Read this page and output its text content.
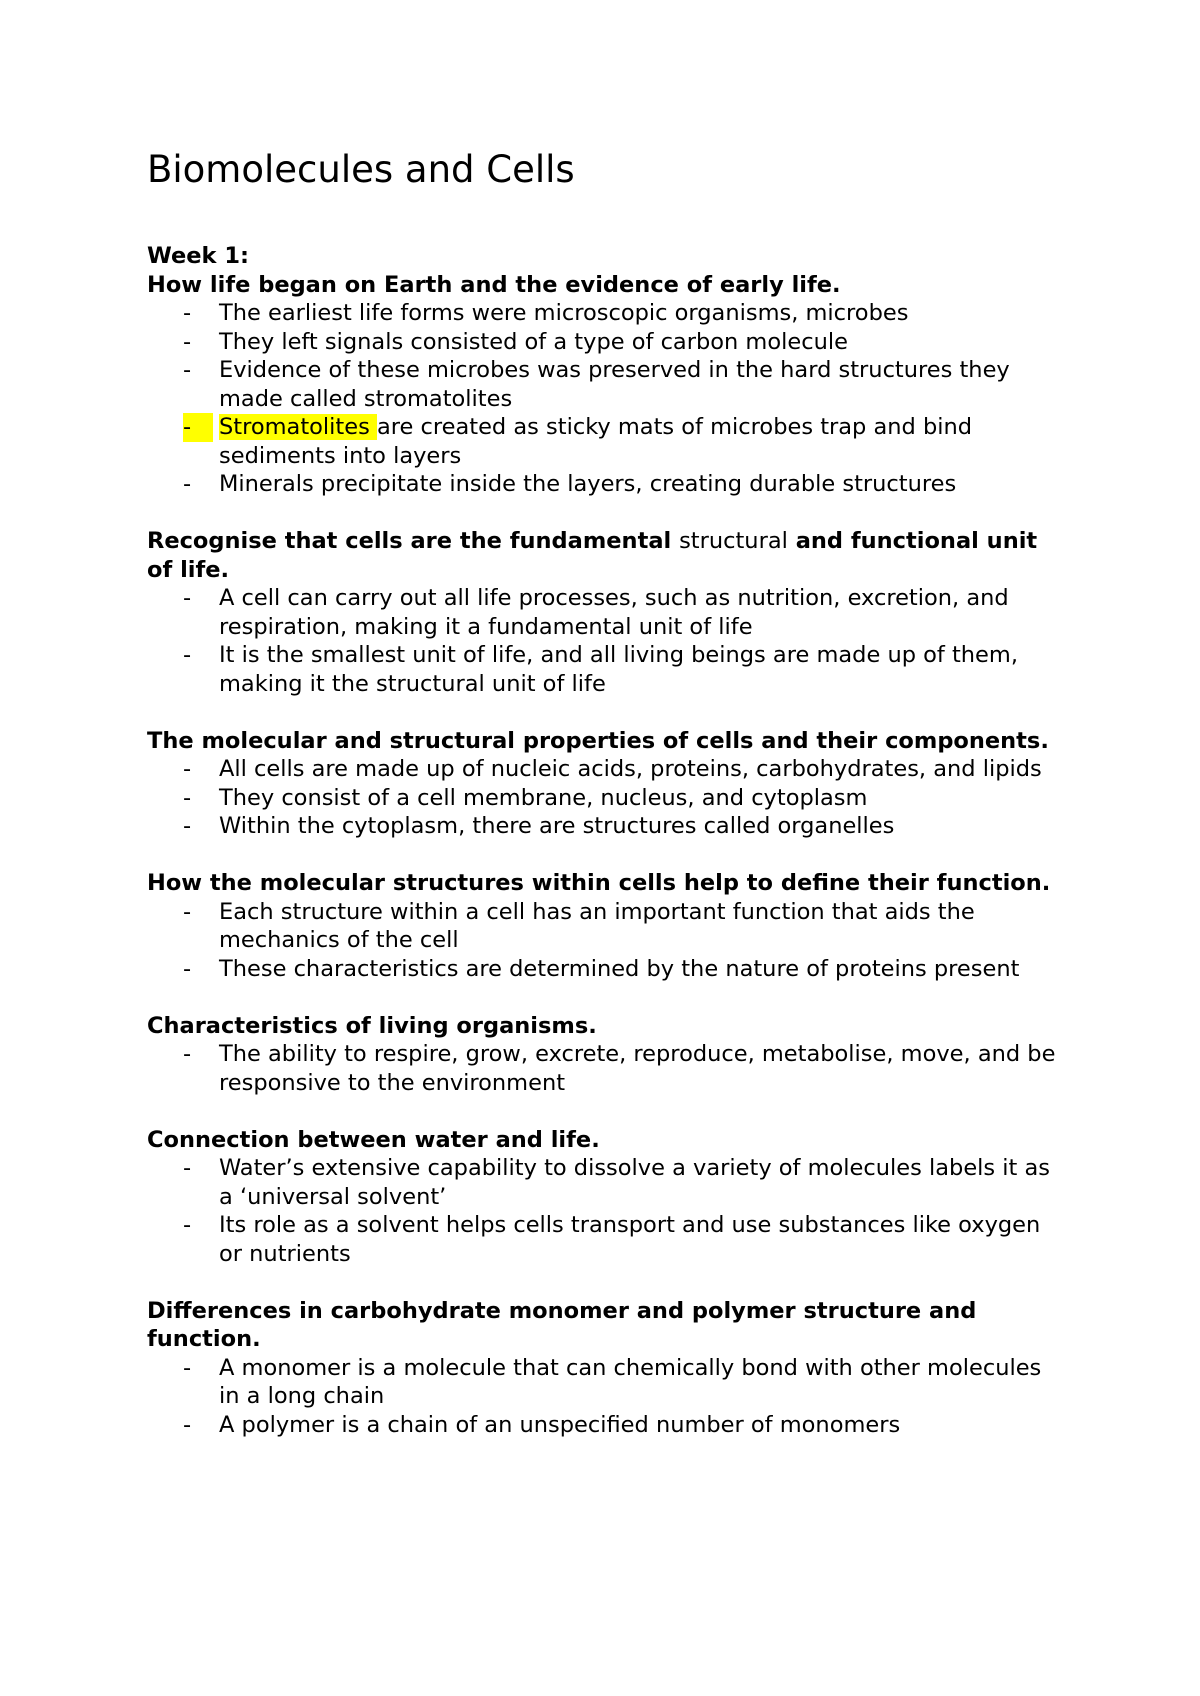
Biomolecules and Cells
Week 1:

How life began on Earth and the evidence of early life.

- The earliest life forms were microscopic organisms, microbes
- They left signals consisted of a type of carbon molecule
- Evidence of these microbes was preserved in the hard structures they made called stromatolites
-	Stromatolites are created as sticky mats of microbes trap and bind sediments into layers
- Minerals precipitate inside the layers, creating durable structures

Recognise that cells are the fundamental structural and functional unit of life.

- A cell can carry out all life processes, such as nutrition, excretion, and respiration, making it a fundamental unit of life
- It is the smallest unit of life, and all living beings are made up of them, making it the structural unit of life

The molecular and structural properties of cells and their components.

- All cells are made up of nucleic acids, proteins, carbohydrates, and lipids
- They consist of a cell membrane, nucleus, and cytoplasm
- Within the cytoplasm, there are structures called organelles

How the molecular structures within cells help to define their function.

- Each structure within a cell has an important function that aids the mechanics of the cell
- These characteristics are determined by the nature of proteins present

Characteristics of living organisms.

- The ability to respire, grow, excrete, reproduce, metabolise, move, and be responsive to the environment

Connection between water and life.

- Water’s extensive capability to dissolve a variety of molecules labels it as a ‘universal solvent’
- Its role as a solvent helps cells transport and use substances like oxygen or nutrients

Differences in carbohydrate monomer and polymer structure and function.

- A monomer is a molecule that can chemically bond with other molecules in a long chain
- A polymer is a chain of an unspecified number of monomers
